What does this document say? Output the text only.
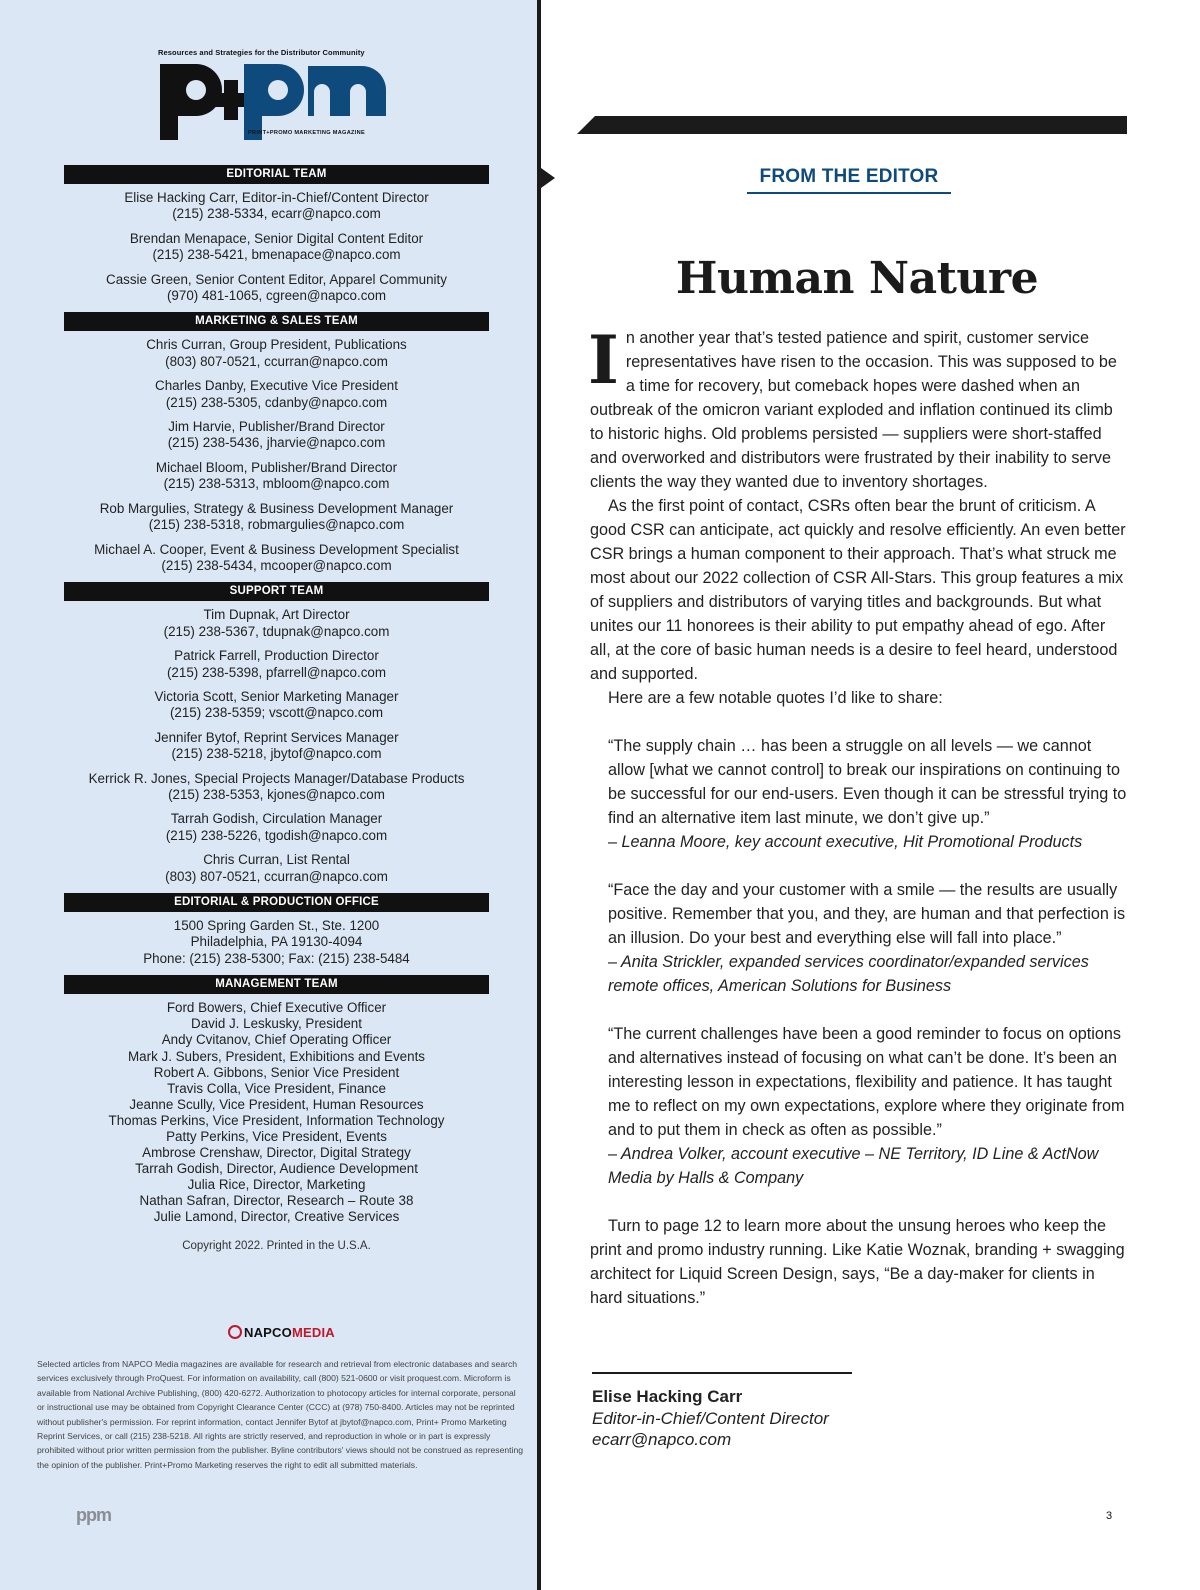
Resources and Strategies for the Distributor Community
PRINT+PROMO MARKETING MAGAZINE
EDITORIAL TEAM
Elise Hacking Carr, Editor-in-Chief/Content Director
(215) 238-5334, ecarr@napco.com
Brendan Menapace, Senior Digital Content Editor
(215) 238-5421, bmenapace@napco.com
Cassie Green, Senior Content Editor, Apparel Community
(970) 481-1065, cgreen@napco.com
MARKETING & SALES TEAM
Chris Curran, Group President, Publications
(803) 807-0521, ccurran@napco.com
Charles Danby, Executive Vice President
(215) 238-5305, cdanby@napco.com
Jim Harvie, Publisher/Brand Director
(215) 238-5436, jharvie@napco.com
Michael Bloom, Publisher/Brand Director
(215) 238-5313, mbloom@napco.com
Rob Margulies, Strategy & Business Development Manager
(215) 238-5318, robmargulies@napco.com
Michael A. Cooper, Event & Business Development Specialist
(215) 238-5434, mcooper@napco.com
SUPPORT TEAM
Tim Dupnak, Art Director
(215) 238-5367, tdupnak@napco.com
Patrick Farrell, Production Director
(215) 238-5398, pfarrell@napco.com
Victoria Scott, Senior Marketing Manager
(215) 238-5359; vscott@napco.com
Jennifer Bytof, Reprint Services Manager
(215) 238-5218, jbytof@napco.com
Kerrick R. Jones, Special Projects Manager/Database Products
(215) 238-5353, kjones@napco.com
Tarrah Godish, Circulation Manager
(215) 238-5226, tgodish@napco.com
Chris Curran, List Rental
(803) 807-0521, ccurran@napco.com
EDITORIAL & PRODUCTION OFFICE
1500 Spring Garden St., Ste. 1200
Philadelphia, PA 19130-4094
Phone: (215) 238-5300; Fax: (215) 238-5484
MANAGEMENT TEAM
Ford Bowers, Chief Executive Officer
David J. Leskusky, President
Andy Cvitanov, Chief Operating Officer
Mark J. Subers, President, Exhibitions and Events
Robert A. Gibbons, Senior Vice President
Travis Colla, Vice President, Finance
Jeanne Scully, Vice President, Human Resources
Thomas Perkins, Vice President, Information Technology
Patty Perkins, Vice President, Events
Ambrose Crenshaw, Director, Digital Strategy
Tarrah Godish, Director, Audience Development
Julia Rice, Director, Marketing
Nathan Safran, Director, Research – Route 38
Julie Lamond, Director, Creative Services
Copyright 2022. Printed in the U.S.A.
NAPCOMEDIA
Selected articles from NAPCO Media magazines are available for research and retrieval from electronic databases and search services exclusively through ProQuest. For information on availability, call (800) 521-0600 or visit proquest.com. Microform is available from National Archive Publishing, (800) 420-6272. Authorization to photocopy articles for internal corporate, personal or instructional use may be obtained from Copyright Clearance Center (CCC) at (978) 750-8400. Articles may not be reprinted without publisher's permission. For reprint information, contact Jennifer Bytof at jbytof@napco.com, Print+ Promo Marketing Reprint Services, or call (215) 238-5218. All rights are strictly reserved, and reproduction in whole or in part is expressly prohibited without prior written permission from the publisher. Byline contributors' views should not be construed as representing the opinion of the publisher. Print+Promo Marketing reserves the right to edit all submitted materials.
ppm
FROM THE EDITOR
Human Nature

In another year that’s tested patience and spirit, customer service representatives have risen to the occasion. This was supposed to be a time for recovery, but comeback hopes were dashed when an outbreak of the omicron variant exploded and inflation continued its climb to historic highs. Old problems persisted — suppliers were short-staffed and overworked and distributors were frustrated by their inability to serve clients the way they wanted due to inventory shortages.

As the first point of contact, CSRs often bear the brunt of criticism. A good CSR can anticipate, act quickly and resolve efficiently. An even better CSR brings a human component to their approach. That’s what struck me most about our 2022 collection of CSR All-Stars. This group features a mix of suppliers and distributors of varying titles and backgrounds. But what unites our 11 honorees is their ability to put empathy ahead of ego. After all, at the core of basic human needs is a desire to feel heard, understood and supported.

Here are a few notable quotes I’d like to share:

“The supply chain … has been a struggle on all levels — we cannot allow [what we cannot control] to break our inspirations on continuing to be successful for our end-users. Even though it can be stressful trying to find an alternative item last minute, we don’t give up.”
– Leanna Moore, key account executive, Hit Promotional Products

“Face the day and your customer with a smile — the results are usually positive. Remember that you, and they, are human and that perfection is an illusion. Do your best and everything else will fall into place.”
– Anita Strickler, expanded services coordinator/expanded services remote offices, American Solutions for Business

“The current challenges have been a good reminder to focus on options and alternatives instead of focusing on what can’t be done. It’s been an interesting lesson in expectations, flexibility and patience. It has taught me to reflect on my own expectations, explore where they originate from and to put them in check as often as possible.”
– Andrea Volker, account executive – NE Territory, ID Line & ActNow Media by Halls & Company

Turn to page 12 to learn more about the unsung heroes who keep the print and promo industry running. Like Katie Woznak, branding + swagging architect for Liquid Screen Design, says, “Be a day-maker for clients in hard situations.”

Elise Hacking Carr
Editor-in-Chief/Content Director
ecarr@napco.com
3
